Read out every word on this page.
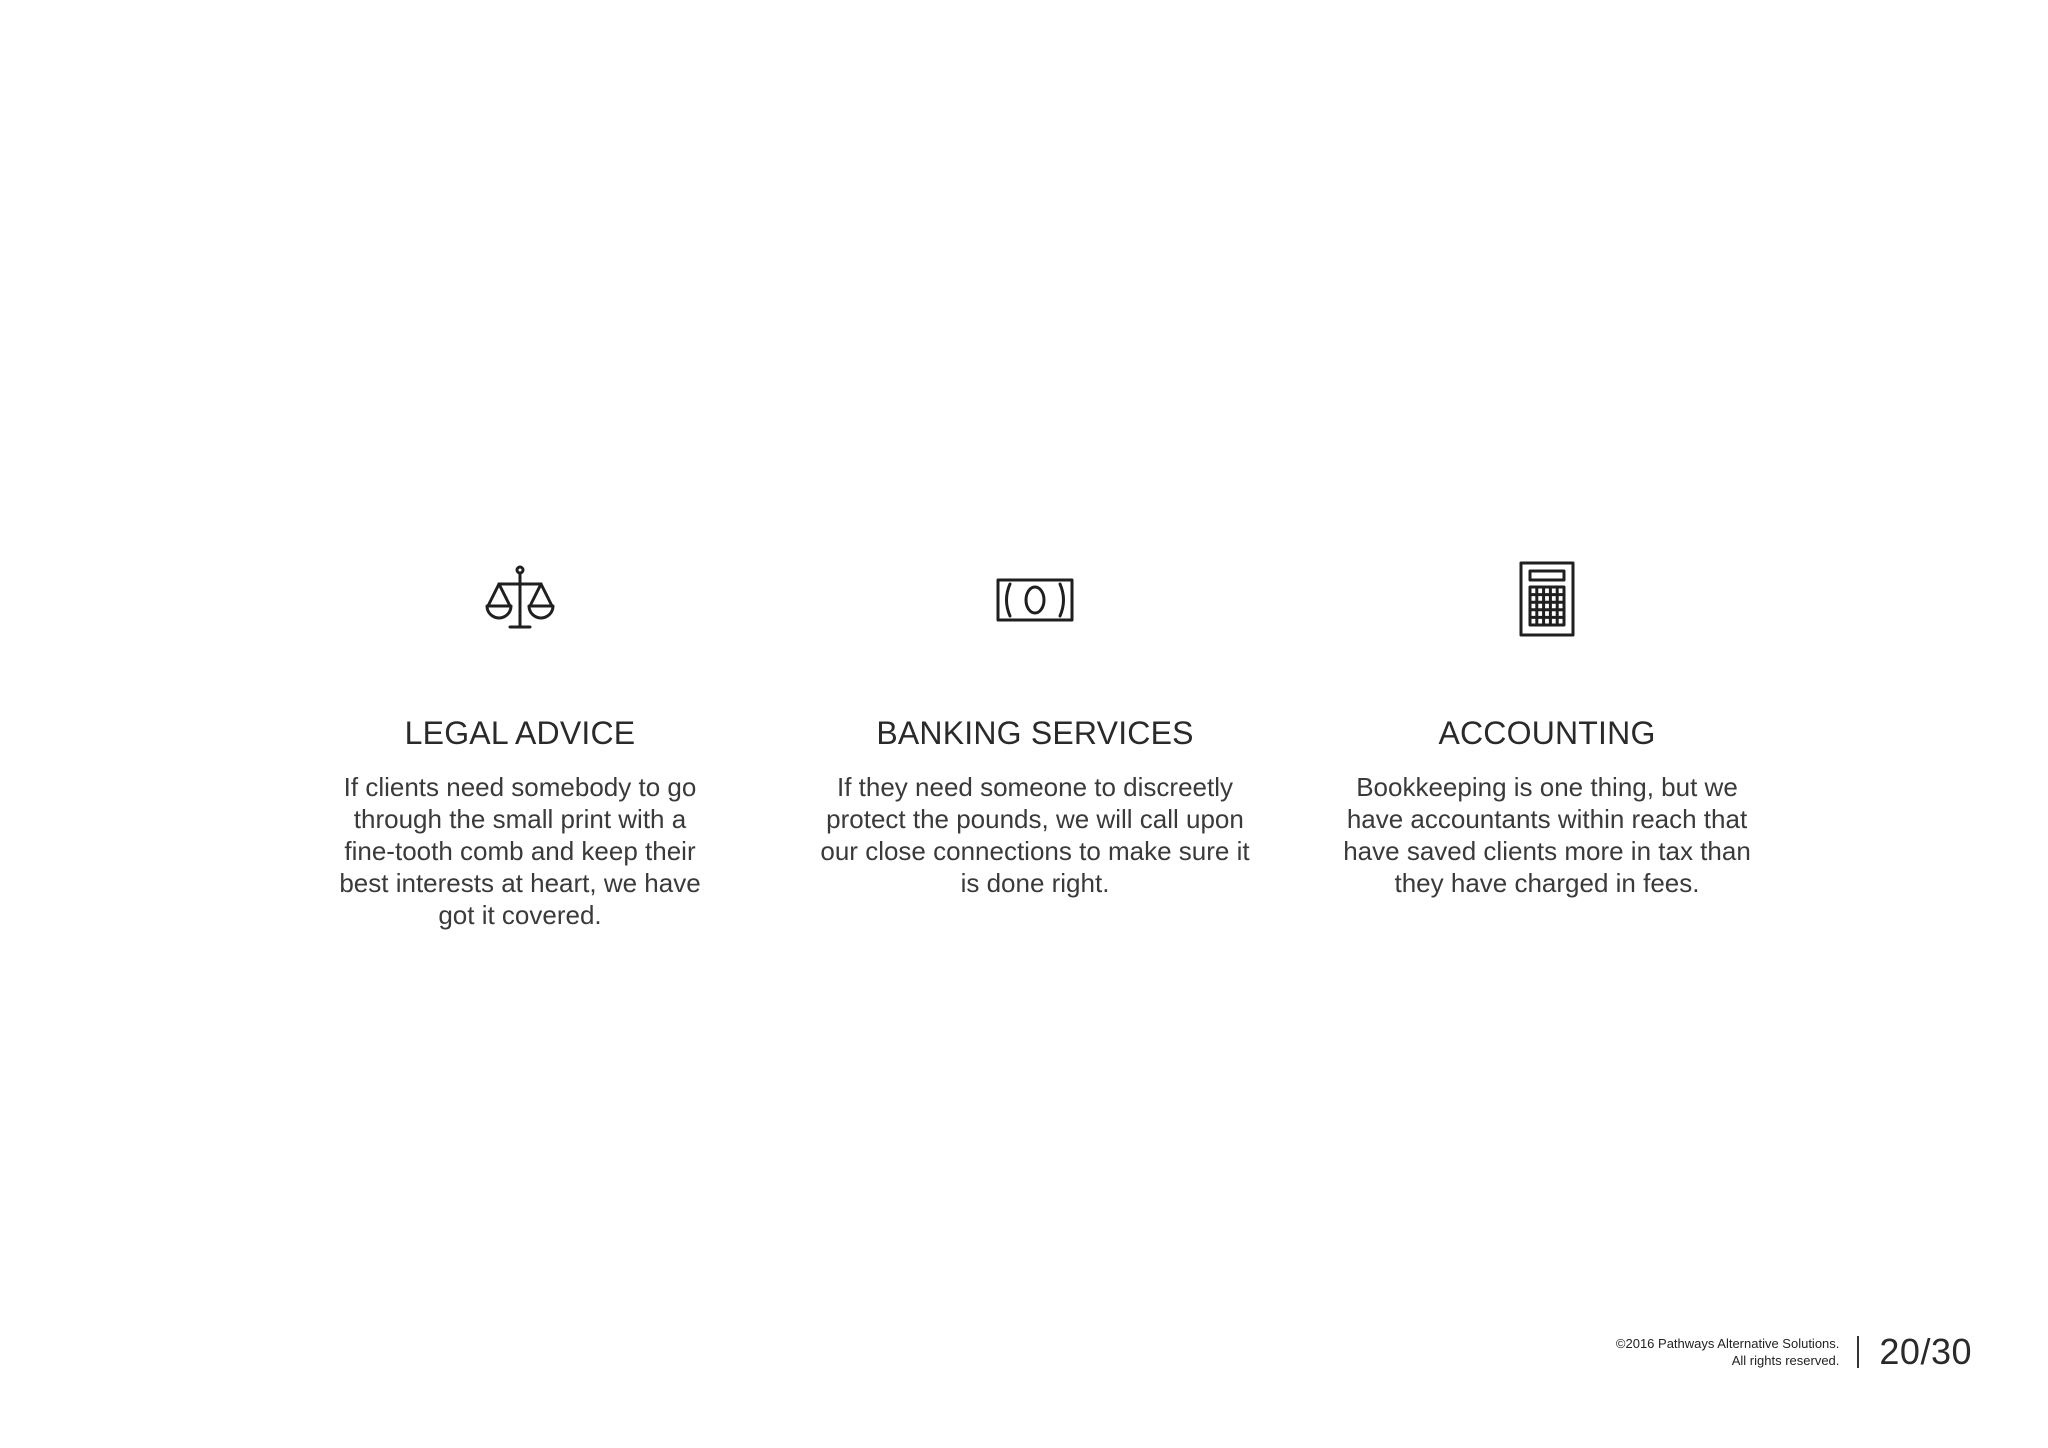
LEGAL ADVICE
If clients need somebody to go
through the small print with a
fine-tooth comb and keep their
best interests at heart, we have
got it covered.
BANKING SERVICES
If they need someone to discreetly
protect the pounds, we will call upon
our close connections to make sure it
is done right.
ACCOUNTING
Bookkeeping is one thing, but we
have accountants within reach that
have saved clients more in tax than
they have charged in fees.
©2016 Pathways Alternative Solutions.
All rights reserved. 20/30
